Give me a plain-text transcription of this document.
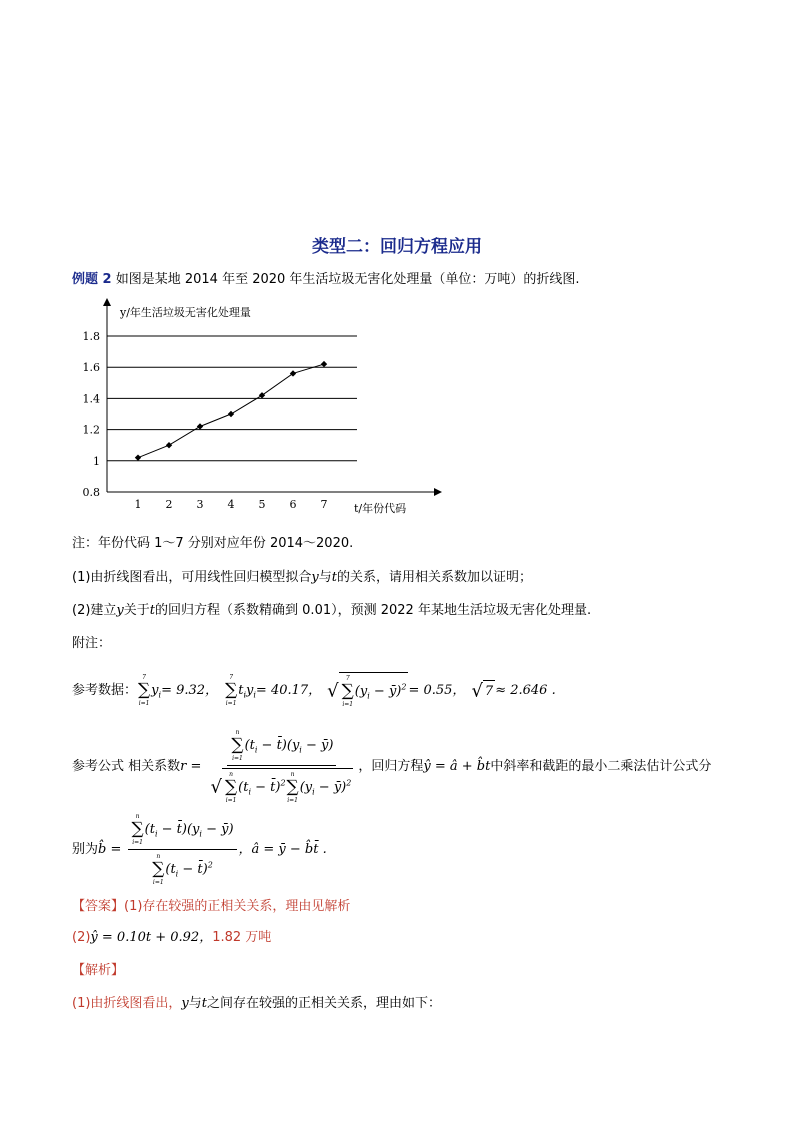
类型二：回归方程应用
例题 2 如图是某地 2014 年至 2020 年生活垃圾无害化处理量（单位：万吨）的折线图.
y/年生活垃圾无害化处理量
t/年份代码
0.8
1
1.2
1.4
1.6
1.8
1 2 3 4 5 6 7
注：年份代码 1～7 分别对应年份 2014～2020.
(1)由折线图看出，可用线性回归模型拟合y与t的关系，请用相关系数加以证明；
(2)建立y关于t的回归方程（系数精确到 0.01），预测 2022 年某地生活垃圾无害化处理量.
附注：
参考数据：
7
∑
i=1
$y_i = 9.32$，
7
∑
i=1
$t_iy_i = 40.17$， √
7
∑
i=1
($y_i$ − ȳ)$^2$ = 0.55， √ 7 ≈ 2.646 .
参考公式 相关系数 r = n
∑
i=1
($t_i$ − $t̄)(y_i$ − ȳ)
√
n
∑
i=1
($t_i$ − t̄)$^2$
n
∑
i=1
($y_i$ − ȳ)$^2$ ，回归方程 ŷ = â + b̂t 中斜率和截距的最小二乘法估计公式分
别为 b̂ = n
∑
i=1
($t_i$ − $t̄)(y_i$ − ȳ)
n
∑
i=1
($t_i$ − t̄)$^2$ ，â = ȳ − b̂t̄ .
【答案】(1)存在较强的正相关关系，理由见解析
(2)ŷ = 0.10t + 0.92，1.82 万吨
【解析】
(1)由折线图看出，y与t之间存在较强的正相关关系，理由如下：
